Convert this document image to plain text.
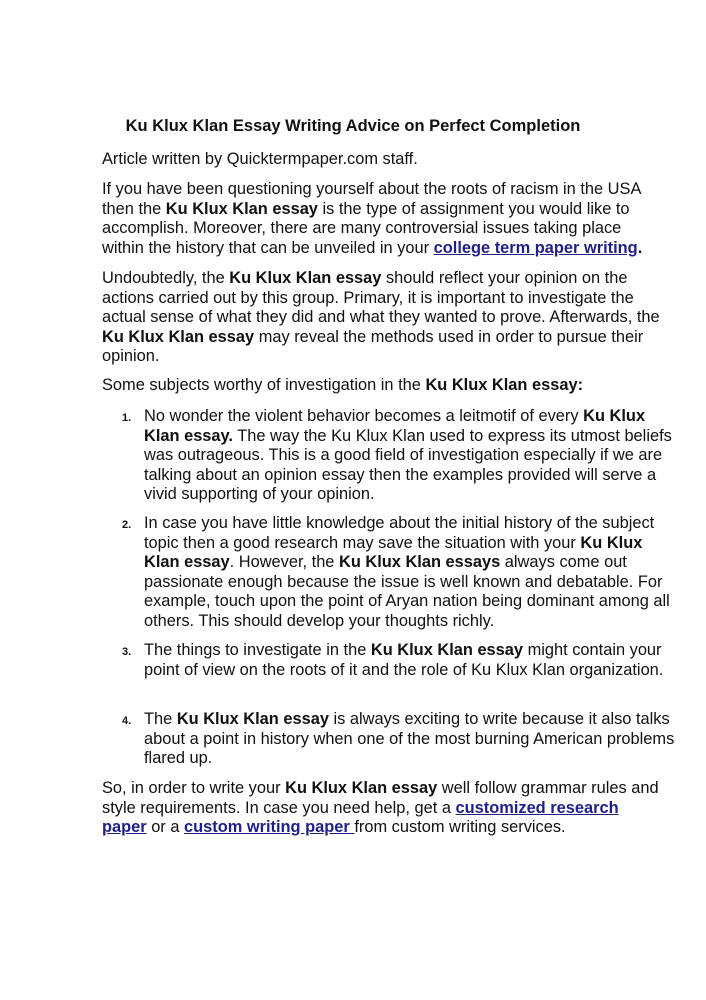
Ku Klux Klan Essay Writing Advice on Perfect Completion

Article written by Quicktermpaper.com staff.

If you have been questioning yourself about the roots of racism in the USA then the Ku Klux Klan essay is the type of assignment you would like to accomplish. Moreover, there are many controversial issues taking place within the history that can be unveiled in your college term paper writing.

Undoubtedly, the Ku Klux Klan essay should reflect your opinion on the actions carried out by this group. Primary, it is important to investigate the actual sense of what they did and what they wanted to prove. Afterwards, the Ku Klux Klan essay may reveal the methods used in order to pursue their opinion.

Some subjects worthy of investigation in the Ku Klux Klan essay:

1. No wonder the violent behavior becomes a leitmotif of every Ku Klux Klan essay. The way the Ku Klux Klan used to express its utmost beliefs was outrageous. This is a good field of investigation especially if we are talking about an opinion essay then the examples provided will serve a vivid supporting of your opinion.
2. In case you have little knowledge about the initial history of the subject topic then a good research may save the situation with your Ku Klux Klan essay. However, the Ku Klux Klan essays always come out passionate enough because the issue is well known and debatable. For example, touch upon the point of Aryan nation being dominant among all others. This should develop your thoughts richly.
3. The things to investigate in the Ku Klux Klan essay might contain your point of view on the roots of it and the role of Ku Klux Klan organization.
4. The Ku Klux Klan essay is always exciting to write because it also talks about a point in history when one of the most burning American problems flared up.

So, in order to write your Ku Klux Klan essay well follow grammar rules and style requirements. In case you need help, get a customized research paper or a custom writing paper from custom writing services.
